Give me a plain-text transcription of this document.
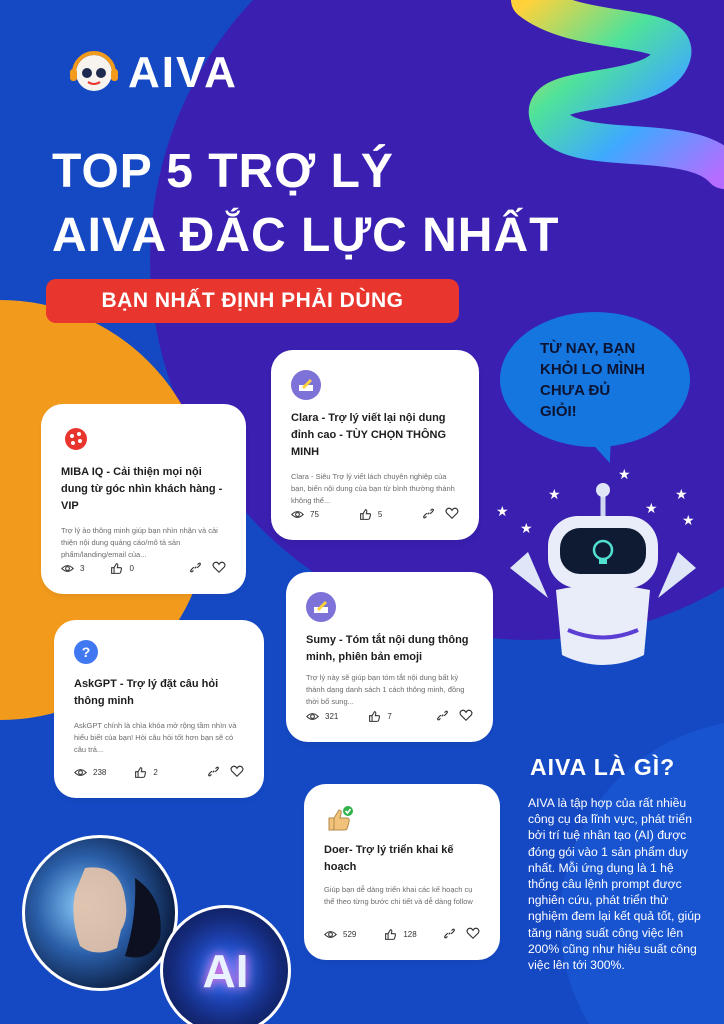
AIVA
TOP 5 TRỢ LÝ
AIVA ĐẮC LỰC NHẤT
BẠN NHẤT ĐỊNH PHẢI DÙNG
TỪ NAY, BẠN KHỎI LO MÌNH CHƯA ĐỦ GIỎI!
★
★	★
★	★
★	★
MIBA IQ - Cải thiện mọi nội dung từ góc nhìn khách hàng - VIP
Trợ lý ảo thông minh giúp bạn nhìn nhận và cải thiện nội dung quảng cáo/mô tả sản phẩm/landing/email của...
3	0
Clara - Trợ lý viết lại nội dung đỉnh cao - TÙY CHỌN THÔNG MINH
Clara - Siêu Trợ lý viết lách chuyên nghiệp của bạn, biến nội dung của bạn từ bình thường thành không thể...
75	5
Sumy - Tóm tắt nội dung thông minh, phiên bản emoji
Trợ lý này sẽ giúp bạn tóm tắt nội dung bất kỳ thành dạng danh sách 1 cách thông minh, đồng thời bổ sung...
321	7
?
AskGPT - Trợ lý đặt câu hỏi thông minh
AskGPT chính là chìa khóa mở rộng tầm nhìn và hiểu biết của bạn! Hỏi câu hỏi tốt hơn bạn sẽ có câu trả...
238	2
Doer- Trợ lý triển khai kế hoạch
Giúp bạn dễ dàng triển khai các kế hoạch cụ thể theo từng bước chi tiết và dễ dàng follow
529	128
AIVA LÀ GÌ?
AIVA là tập hợp của rất nhiều công cụ đa lĩnh vực, phát triển bởi trí tuệ nhân tạo (AI) được đóng gói vào 1 sản phẩm duy nhất. Mỗi ứng dụng là 1 hệ thống câu lệnh prompt được nghiên cứu, phát triển thử nghiệm đem lại kết quả tốt, giúp tăng năng suất công việc lên 200% cũng như hiệu suất công việc lên tới 300%.
AI
